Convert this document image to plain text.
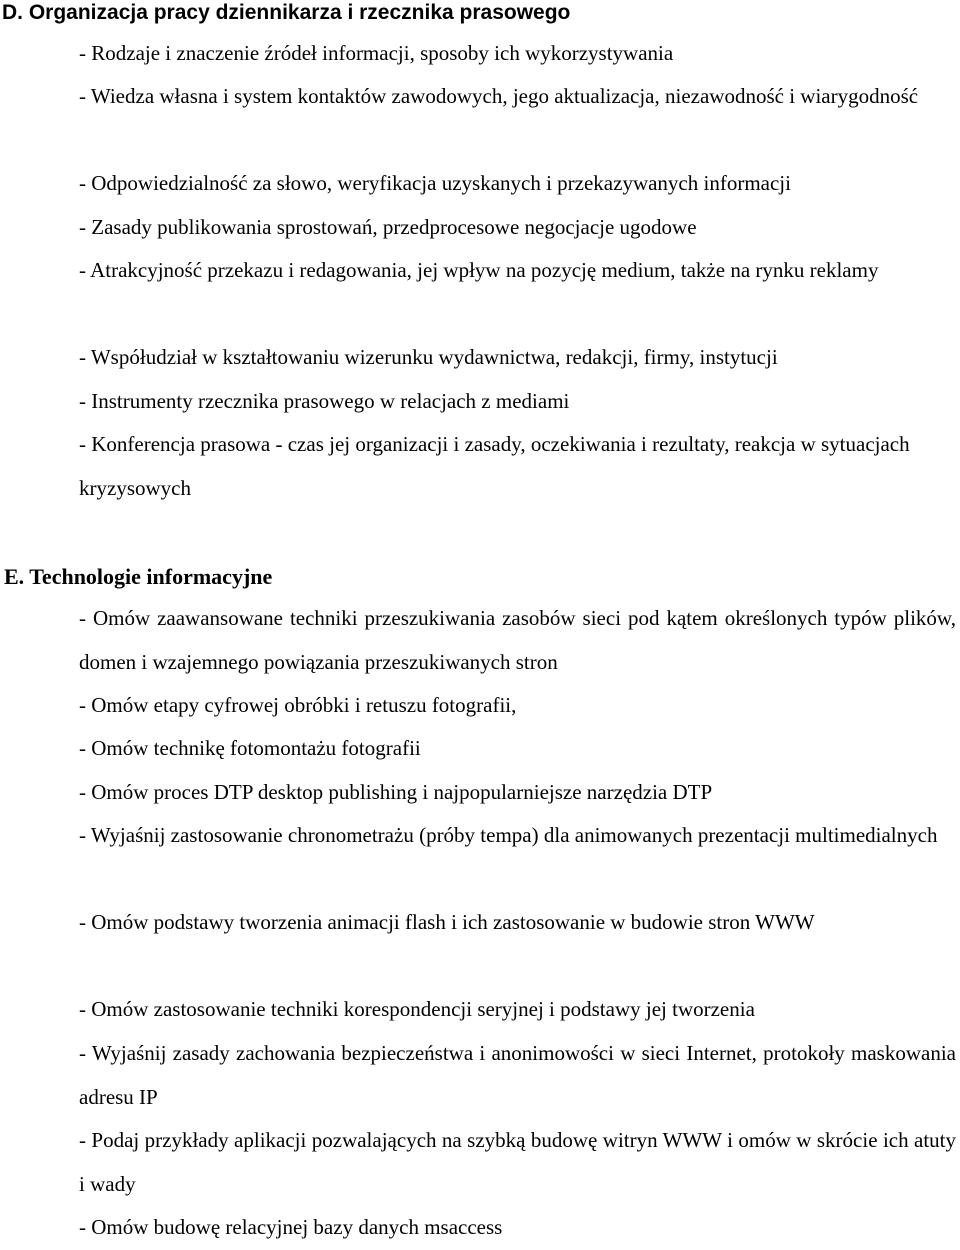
D. Organizacja pracy dziennikarza i rzecznika prasowego

- Rodzaje i znaczenie źródeł informacji, sposoby ich wykorzystywania

- Wiedza własna i system kontaktów zawodowych, jego aktualizacja, niezawodność i wiarygodność

- Odpowiedzialność za słowo, weryfikacja uzyskanych i przekazywanych informacji

- Zasady publikowania sprostowań, przedprocesowe negocjacje ugodowe

- Atrakcyjność przekazu i redagowania, jej wpływ na pozycję medium, także na rynku reklamy

- Współudział w kształtowaniu wizerunku wydawnictwa, redakcji, firmy, instytucji

- Instrumenty rzecznika prasowego w relacjach z mediami

- Konferencja prasowa - czas jej organizacji i zasady, oczekiwania i rezultaty, reakcja w sytuacjach kryzysowych

E. Technologie informacyjne

- Omów zaawansowane techniki przeszukiwania zasobów sieci pod kątem określonych typów plików, domen i wzajemnego powiązania przeszukiwanych stron

- Omów etapy cyfrowej obróbki i retuszu fotografii,

- Omów technikę fotomontażu fotografii

- Omów proces DTP desktop publishing i najpopularniejsze narzędzia DTP

- Wyjaśnij zastosowanie chronometrażu (próby tempa) dla animowanych prezentacji multimedialnych

- Omów podstawy tworzenia animacji flash i ich zastosowanie w budowie stron WWW

- Omów zastosowanie techniki korespondencji seryjnej i podstawy jej tworzenia

- Wyjaśnij zasady zachowania bezpieczeństwa i anonimowości w sieci Internet, protokoły maskowania adresu IP

- Podaj przykłady aplikacji pozwalających na szybką budowę witryn WWW i omów w skrócie ich atuty i wady

- Omów budowę relacyjnej bazy danych msaccess
